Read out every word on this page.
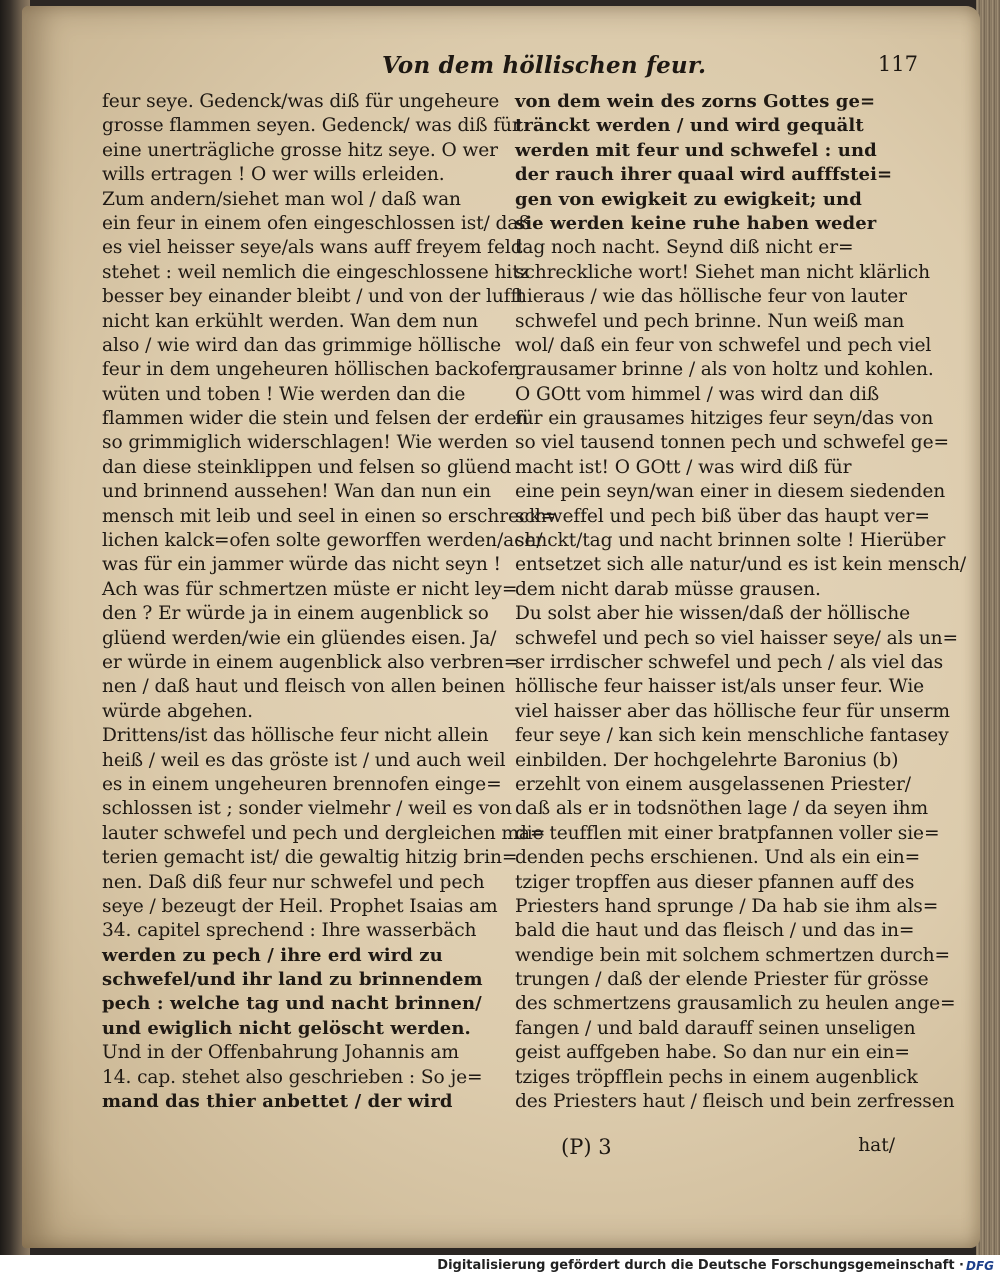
Von dem höllischen feur.	117
feur seye. Gedenck/was diß für ungeheure
grosse flammen seyen. Gedenck/ was diß für
eine unerträgliche grosse hitz seye. O wer
wills ertragen ! O wer wills erleiden.
Zum andern/siehet man wol / daß wan
ein feur in einem ofen eingeschlossen ist/ daß
es viel heisser seye/als wans auff freyem feld
stehet : weil nemlich die eingeschlossene hitz
besser bey einander bleibt / und von der lufft
nicht kan erkühlt werden. Wan dem nun
also / wie wird dan das grimmige höllische
feur in dem ungeheuren höllischen backofen
wüten und toben ! Wie werden dan die
flammen wider die stein und felsen der erden
so grimmiglich widerschlagen! Wie werden
dan diese steinklippen und felsen so glüend
und brinnend aussehen! Wan dan nun ein
mensch mit leib und seel in einen so erschreck=
lichen kalck=ofen solte geworffen werden/ach/
was für ein jammer würde das nicht seyn !
Ach was für schmertzen müste er nicht ley=
den ? Er würde ja in einem augenblick so
glüend werden/wie ein glüendes eisen. Ja/
er würde in einem augenblick also verbren=
nen / daß haut und fleisch von allen beinen
würde abgehen.
Drittens/ist das höllische feur nicht allein
heiß / weil es das gröste ist / und auch weil
es in einem ungeheuren brennofen einge=
schlossen ist ; sonder vielmehr / weil es von
lauter schwefel und pech und dergleichen ma=
terien gemacht ist/ die gewaltig hitzig brin=
nen. Daß diß feur nur schwefel und pech
seye / bezeugt der Heil. Prophet Isaias am
34. capitel sprechend : Ihre wasserbäch
werden zu pech / ihre erd wird zu
schwefel/und ihr land zu brinnendem
pech : welche tag und nacht brinnen/
und ewiglich nicht gelöscht werden.
Und in der Offenbahrung Johannis am
14. cap. stehet also geschrieben : So je=
mand das thier anbettet / der wird
von dem wein des zorns Gottes ge=
tränckt werden / und wird gequält
werden mit feur und schwefel : und
der rauch ihrer quaal wird aufffstei=
gen von ewigkeit zu ewigkeit; und
sie werden keine ruhe haben weder
tag noch nacht. Seynd diß nicht er=
schreckliche wort! Siehet man nicht klärlich
hieraus / wie das höllische feur von lauter
schwefel und pech brinne. Nun weiß man
wol/ daß ein feur von schwefel und pech viel
grausamer brinne / als von holtz und kohlen.
O GOtt vom himmel / was wird dan diß
für ein grausames hitziges feur seyn/das von
so viel tausend tonnen pech und schwefel ge=
macht ist! O GOtt / was wird diß für
eine pein seyn/wan einer in diesem siedenden
schweffel und pech biß über das haupt ver=
senckt/tag und nacht brinnen solte ! Hierüber
entsetzet sich alle natur/und es ist kein mensch/
dem nicht darab müsse grausen.
Du solst aber hie wissen/daß der höllische
schwefel und pech so viel haisser seye/ als un=
ser irrdischer schwefel und pech / als viel das
höllische feur haisser ist/als unser feur. Wie
viel haisser aber das höllische feur für unserm
feur seye / kan sich kein menschliche fantasey
einbilden. Der hochgelehrte Baronius (b)
erzehlt von einem ausgelassenen Priester/
daß als er in todsnöthen lage / da seyen ihm
die teufflen mit einer bratpfannen voller sie=
denden pechs erschienen. Und als ein ein=
tziger tropffen aus dieser pfannen auff des
Priesters hand sprunge / Da hab sie ihm als=
bald die haut und das fleisch / und das in=
wendige bein mit solchem schmertzen durch=
trungen / daß der elende Priester für grösse
des schmertzens grausamlich zu heulen ange=
fangen / und bald darauff seinen unseligen
geist auffgeben habe. So dan nur ein ein=
tziges tröpfflein pechs in einem augenblick
des Priesters haut / fleisch und bein zerfressen
(P) 3	hat/
Digitalisierung gefördert durch die Deutsche Forschungsgemeinschaft · DFG
